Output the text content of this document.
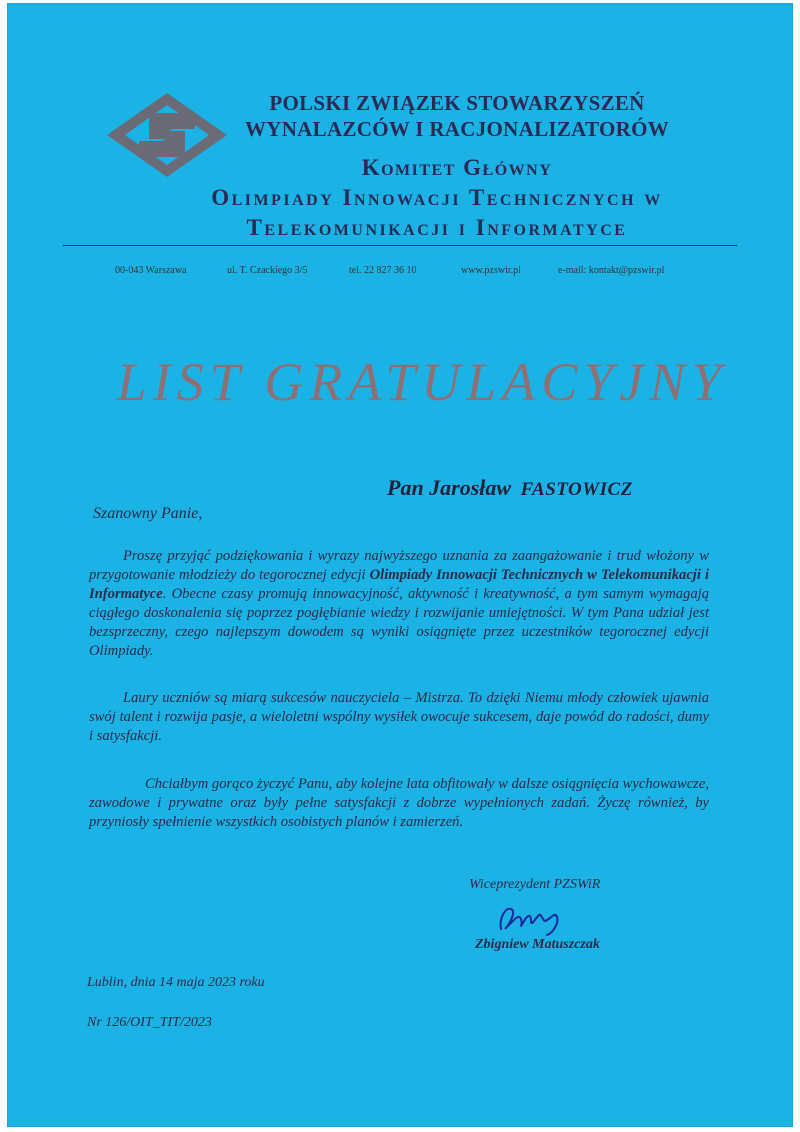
POLSKI ZWIĄZEK STOWARZYSZEŃ
WYNALAZCÓW I RACJONALIZATORÓW
Komitet Główny
Olimpiady Innowacji Technicznych w
Telekomunikacji i Informatyce
00-043 Warszawa	ul. T. Czackiego 3/5	tel. 22 827 36 10	www.pzswir.pl	e-mail: kontakt@pzswir.pl
LIST GRATULACYJNY
Pan Jarosław FASTOWICZ
Szanowny Panie,
Proszę przyjąć podziękowania i wyrazy najwyższego uznania za zaangażowanie i trud włożony w przygotowanie młodzieży do tegorocznej edycji Olimpiady Innowacji Technicznych w Telekomunikacji i Informatyce. Obecne czasy promują innowacyjność, aktywność i kreatywność, a tym samym wymagają ciągłego doskonalenia się poprzez pogłębianie wiedzy i rozwijanie umiejętności. W tym Pana udział jest bezsprzeczny, czego najlepszym dowodem są wyniki osiągnięte przez uczestników tegorocznej edycji Olimpiady.
Laury uczniów są miarą sukcesów nauczyciela – Mistrza. To dzięki Niemu młody człowiek ujawnia swój talent i rozwija pasje, a wieloletni wspólny wysiłek owocuje sukcesem, daje powód do radości, dumy i satysfakcji.
Chciałbym gorąco życzyć Panu, aby kolejne lata obfitowały w dalsze osiągnięcia wychowawcze, zawodowe i prywatne oraz były pełne satysfakcji z dobrze wypełnionych zadań. Życzę również, by przyniosły spełnienie wszystkich osobistych planów i zamierzeń.
Wiceprezydent PZSWiR
Zbigniew Matuszczak
Lublin, dnia 14 maja 2023 roku
Nr 126/OIT_TIT/2023
